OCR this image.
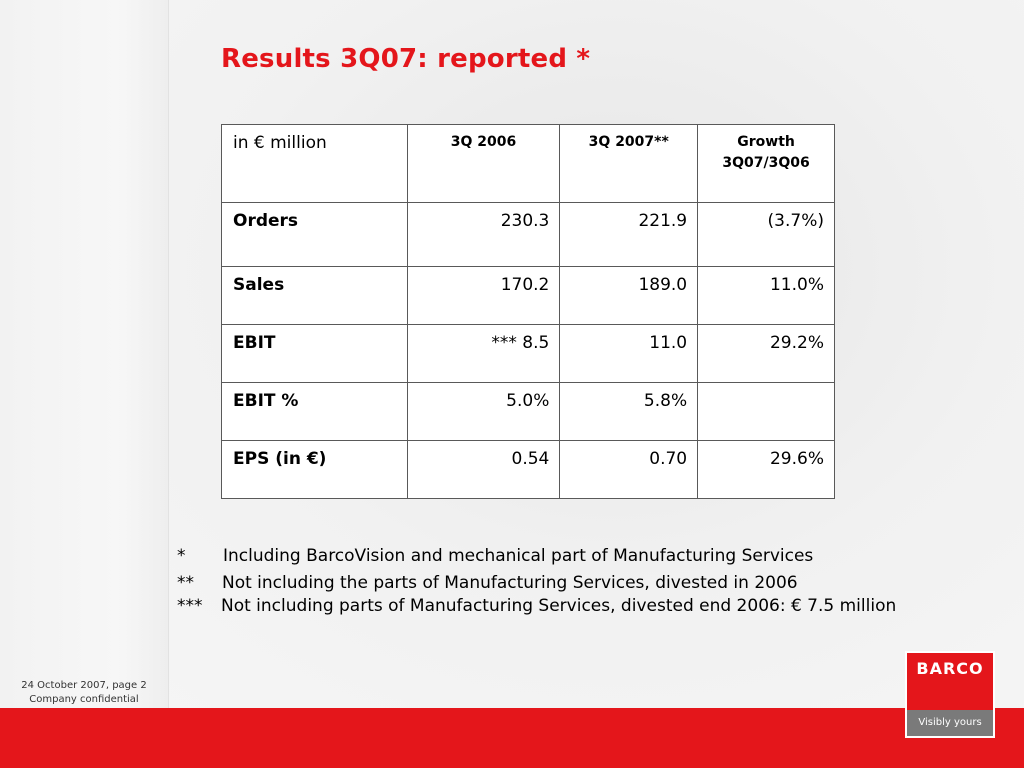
Results 3Q07: reported *
in € million	3Q 2006	3Q 2007**	Growth
3Q07/3Q06

Orders	230.3	221.9	(3.7%)
Sales	170.2	189.0	11.0%
EBIT	*** 8.5	11.0	29.2%
EBIT %	5.0%	5.8%	
EPS (in €)	0.54	0.70	29.6%
* Including BarcoVision and mechanical part of Manufacturing Services
** Not including the parts of Manufacturing Services, divested in 2006
*** Not including parts of Manufacturing Services, divested end 2006: € 7.5 million
24 October 2007, page 2
Company confidential
BARCO
Visibly yours
